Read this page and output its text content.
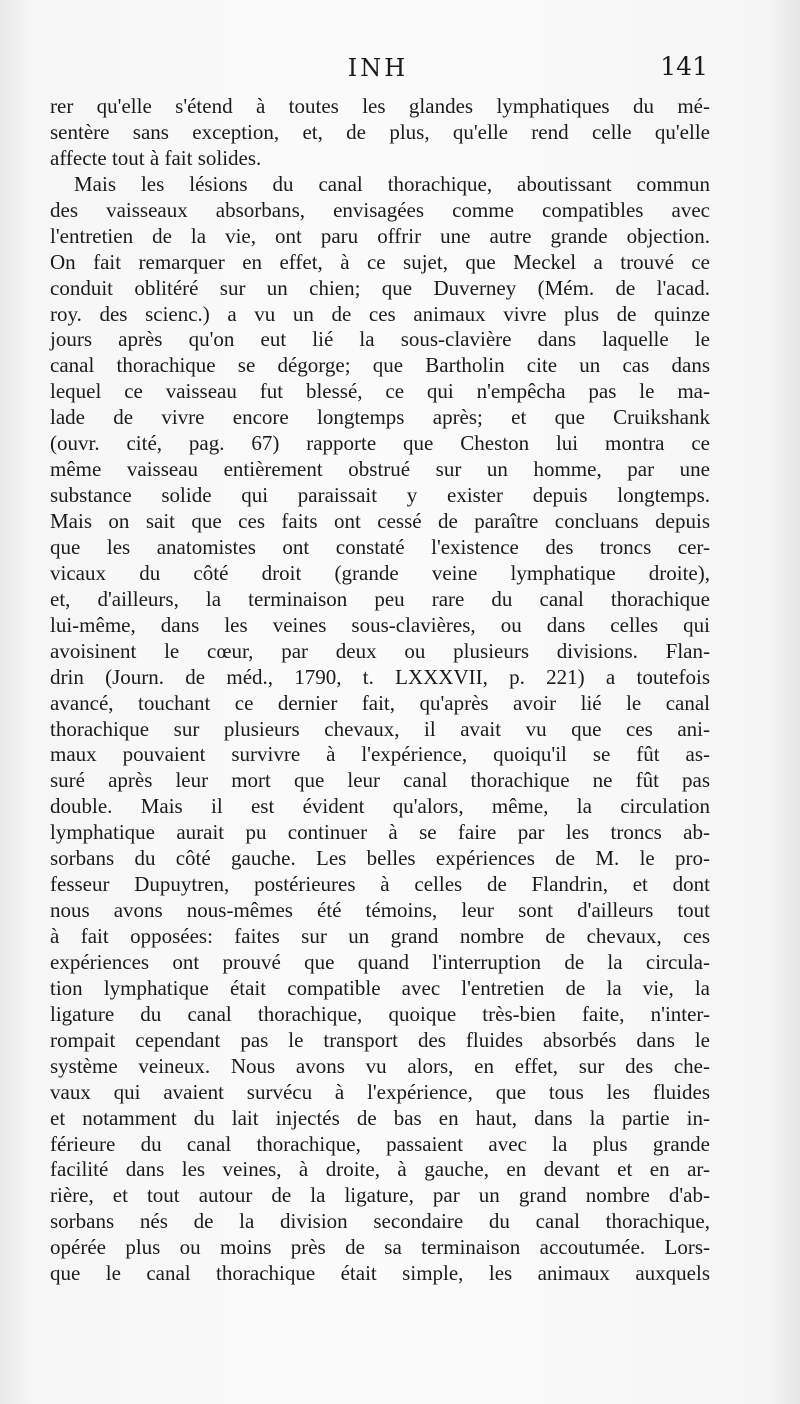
INH	141
rer qu'elle s'étend à toutes les glandes lymphatiques du mé-
sentère sans exception, et, de plus, qu'elle rend celle qu'elle
affecte tout à fait solides.
Mais les lésions du canal thorachique, aboutissant commun
des vaisseaux absorbans, envisagées comme compatibles avec
l'entretien de la vie, ont paru offrir une autre grande objection.
On fait remarquer en effet, à ce sujet, que Meckel a trouvé ce
conduit oblitéré sur un chien; que Duverney (Mém. de l'acad.
roy. des scienc.) a vu un de ces animaux vivre plus de quinze
jours après qu'on eut lié la sous-clavière dans laquelle le
canal thorachique se dégorge; que Bartholin cite un cas dans
lequel ce vaisseau fut blessé, ce qui n'empêcha pas le ma-
lade de vivre encore longtemps après; et que Cruikshank
(ouvr. cité, pag. 67) rapporte que Cheston lui montra ce
même vaisseau entièrement obstrué sur un homme, par une
substance solide qui paraissait y exister depuis longtemps.
Mais on sait que ces faits ont cessé de paraître concluans depuis
que les anatomistes ont constaté l'existence des troncs cer-
vicaux du côté droit (grande veine lymphatique droite),
et, d'ailleurs, la terminaison peu rare du canal thorachique
lui-même, dans les veines sous-clavières, ou dans celles qui
avoisinent le cœur, par deux ou plusieurs divisions. Flan-
drin (Journ. de méd., 1790, t. LXXXVII, p. 221) a toutefois
avancé, touchant ce dernier fait, qu'après avoir lié le canal
thorachique sur plusieurs chevaux, il avait vu que ces ani-
maux pouvaient survivre à l'expérience, quoiqu'il se fût as-
suré après leur mort que leur canal thorachique ne fût pas
double. Mais il est évident qu'alors, même, la circulation
lymphatique aurait pu continuer à se faire par les troncs ab-
sorbans du côté gauche. Les belles expériences de M. le pro-
fesseur Dupuytren, postérieures à celles de Flandrin, et dont
nous avons nous-mêmes été témoins, leur sont d'ailleurs tout
à fait opposées: faites sur un grand nombre de chevaux, ces
expériences ont prouvé que quand l'interruption de la circula-
tion lymphatique était compatible avec l'entretien de la vie, la
ligature du canal thorachique, quoique très-bien faite, n'inter-
rompait cependant pas le transport des fluides absorbés dans le
système veineux. Nous avons vu alors, en effet, sur des che-
vaux qui avaient survécu à l'expérience, que tous les fluides
et notamment du lait injectés de bas en haut, dans la partie in-
férieure du canal thorachique, passaient avec la plus grande
facilité dans les veines, à droite, à gauche, en devant et en ar-
rière, et tout autour de la ligature, par un grand nombre d'ab-
sorbans nés de la division secondaire du canal thorachique,
opérée plus ou moins près de sa terminaison accoutumée. Lors-
que le canal thorachique était simple, les animaux auxquels
